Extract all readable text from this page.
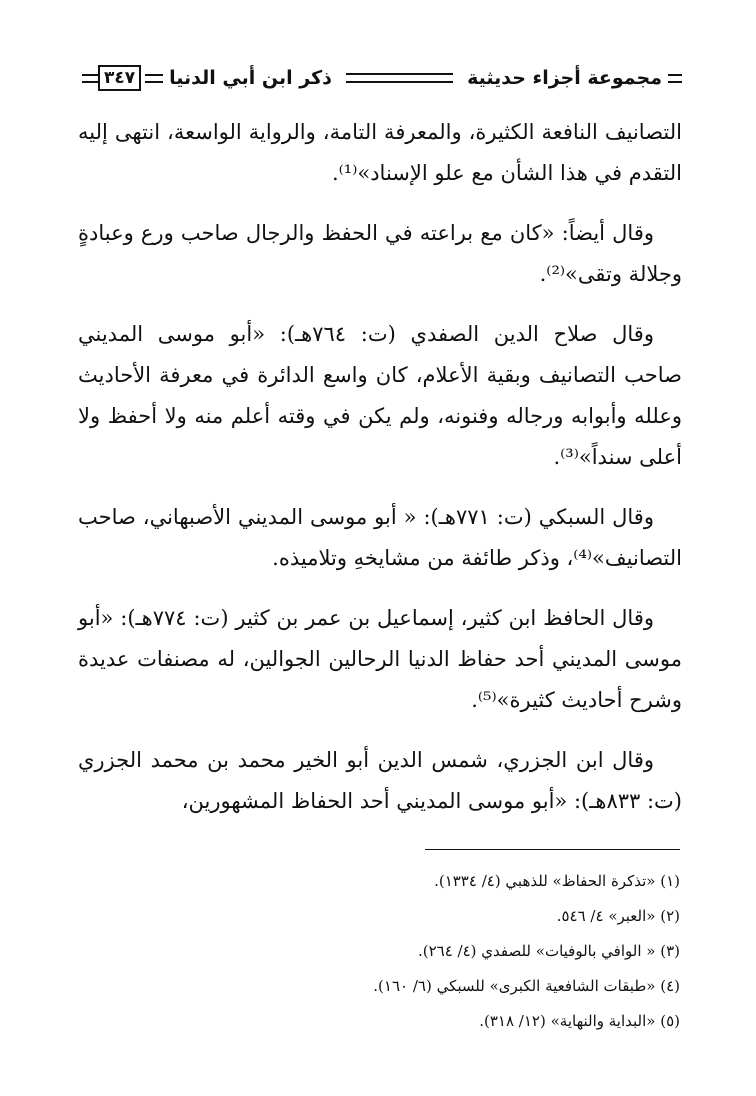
مجموعة أجزاء حديثية
ذكر ابن أبي الدنيا
٣٤٧

التصانيف النافعة الكثيرة، والمعرفة التامة، والرواية الواسعة، انتهى إليه التقدم في هذا الشأن مع علو الإسناد»⁽¹⁾.

وقال أيضاً: «كان مع براعته في الحفظ والرجال صاحب ورع وعبادةٍ وجلالة وتقى»⁽²⁾.

وقال صلاح الدين الصفدي (ت: ٧٦٤هـ): «أبو موسى المديني صاحب التصانيف وبقية الأعلام، كان واسع الدائرة في معرفة الأحاديث وعلله وأبوابه ورجاله وفنونه، ولم يكن في وقته أعلم منه ولا أحفظ ولا أعلى سنداً»⁽³⁾.

وقال السبكي (ت: ٧٧١هـ): « أبو موسى المديني الأصبهاني، صاحب التصانيف»⁽⁴⁾، وذكر طائفة من مشايخهِ وتلاميذه.

وقال الحافظ ابن كثير، إسماعيل بن عمر بن كثير (ت: ٧٧٤هـ): «أبو موسى المديني أحد حفاظ الدنيا الرحالين الجوالين، له مصنفات عديدة وشرح أحاديث كثيرة»⁽⁵⁾.

وقال ابن الجزري، شمس الدين أبو الخير محمد بن محمد الجزري (ت: ٨٣٣هـ): «أبو موسى المديني أحد الحفاظ المشهورين،

(١) «تذكرة الحفاظ» للذهبي (٤/ ١٣٣٤).
(٢) «العبر» ٤/ ٥٤٦.
(٣) « الوافي بالوفيات» للصفدي (٤/ ٢٦٤).
(٤) «طبقات الشافعية الكبرى» للسبكي (٦/ ١٦٠).
(٥) «البداية والنهاية» (١٢/ ٣١٨).
